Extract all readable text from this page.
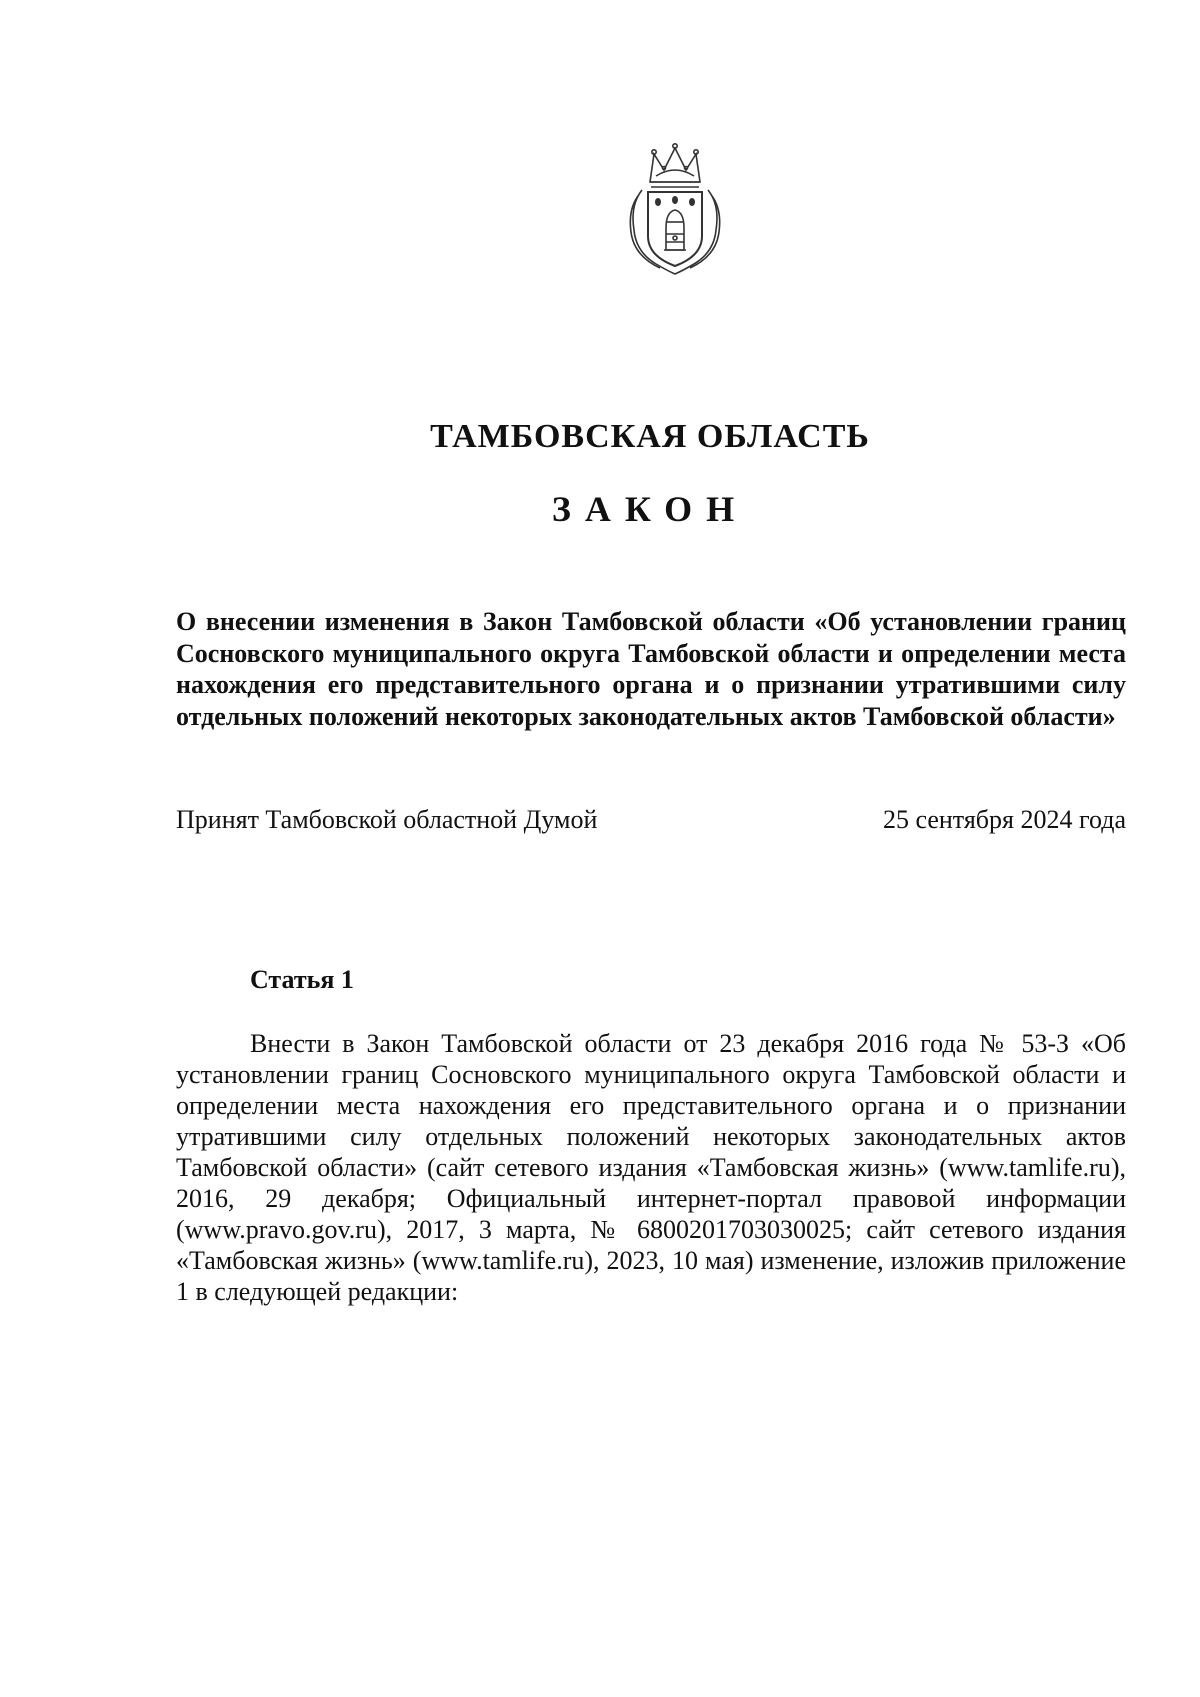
ТАМБОВСКАЯ ОБЛАСТЬ
ЗАКОН
О внесении изменения в Закон Тамбовской области «Об установлении границ Сосновского муниципального округа Тамбовской области и определении места нахождения его представительного органа и о признании утратившими силу отдельных положений некоторых законодательных актов Тамбовской области»
Принят Тамбовской областной Думой	25 сентября 2024 года
Статья 1
Внести в Закон Тамбовской области от 23 декабря 2016 года № 53-З «Об установлении границ Сосновского муниципального округа Тамбовской области и определении места нахождения его представительного органа и о признании утратившими силу отдельных положений некоторых законодательных актов Тамбовской области» (сайт сетевого издания «Тамбовская жизнь» (www.tamlife.ru), 2016, 29 декабря; Официальный интернет-портал правовой информации (www.pravo.gov.ru), 2017, 3 марта, № 6800201703030025; сайт сетевого издания «Тамбовская жизнь» (www.tamlife.ru), 2023, 10 мая) изменение, изложив приложение 1 в следующей редакции:
